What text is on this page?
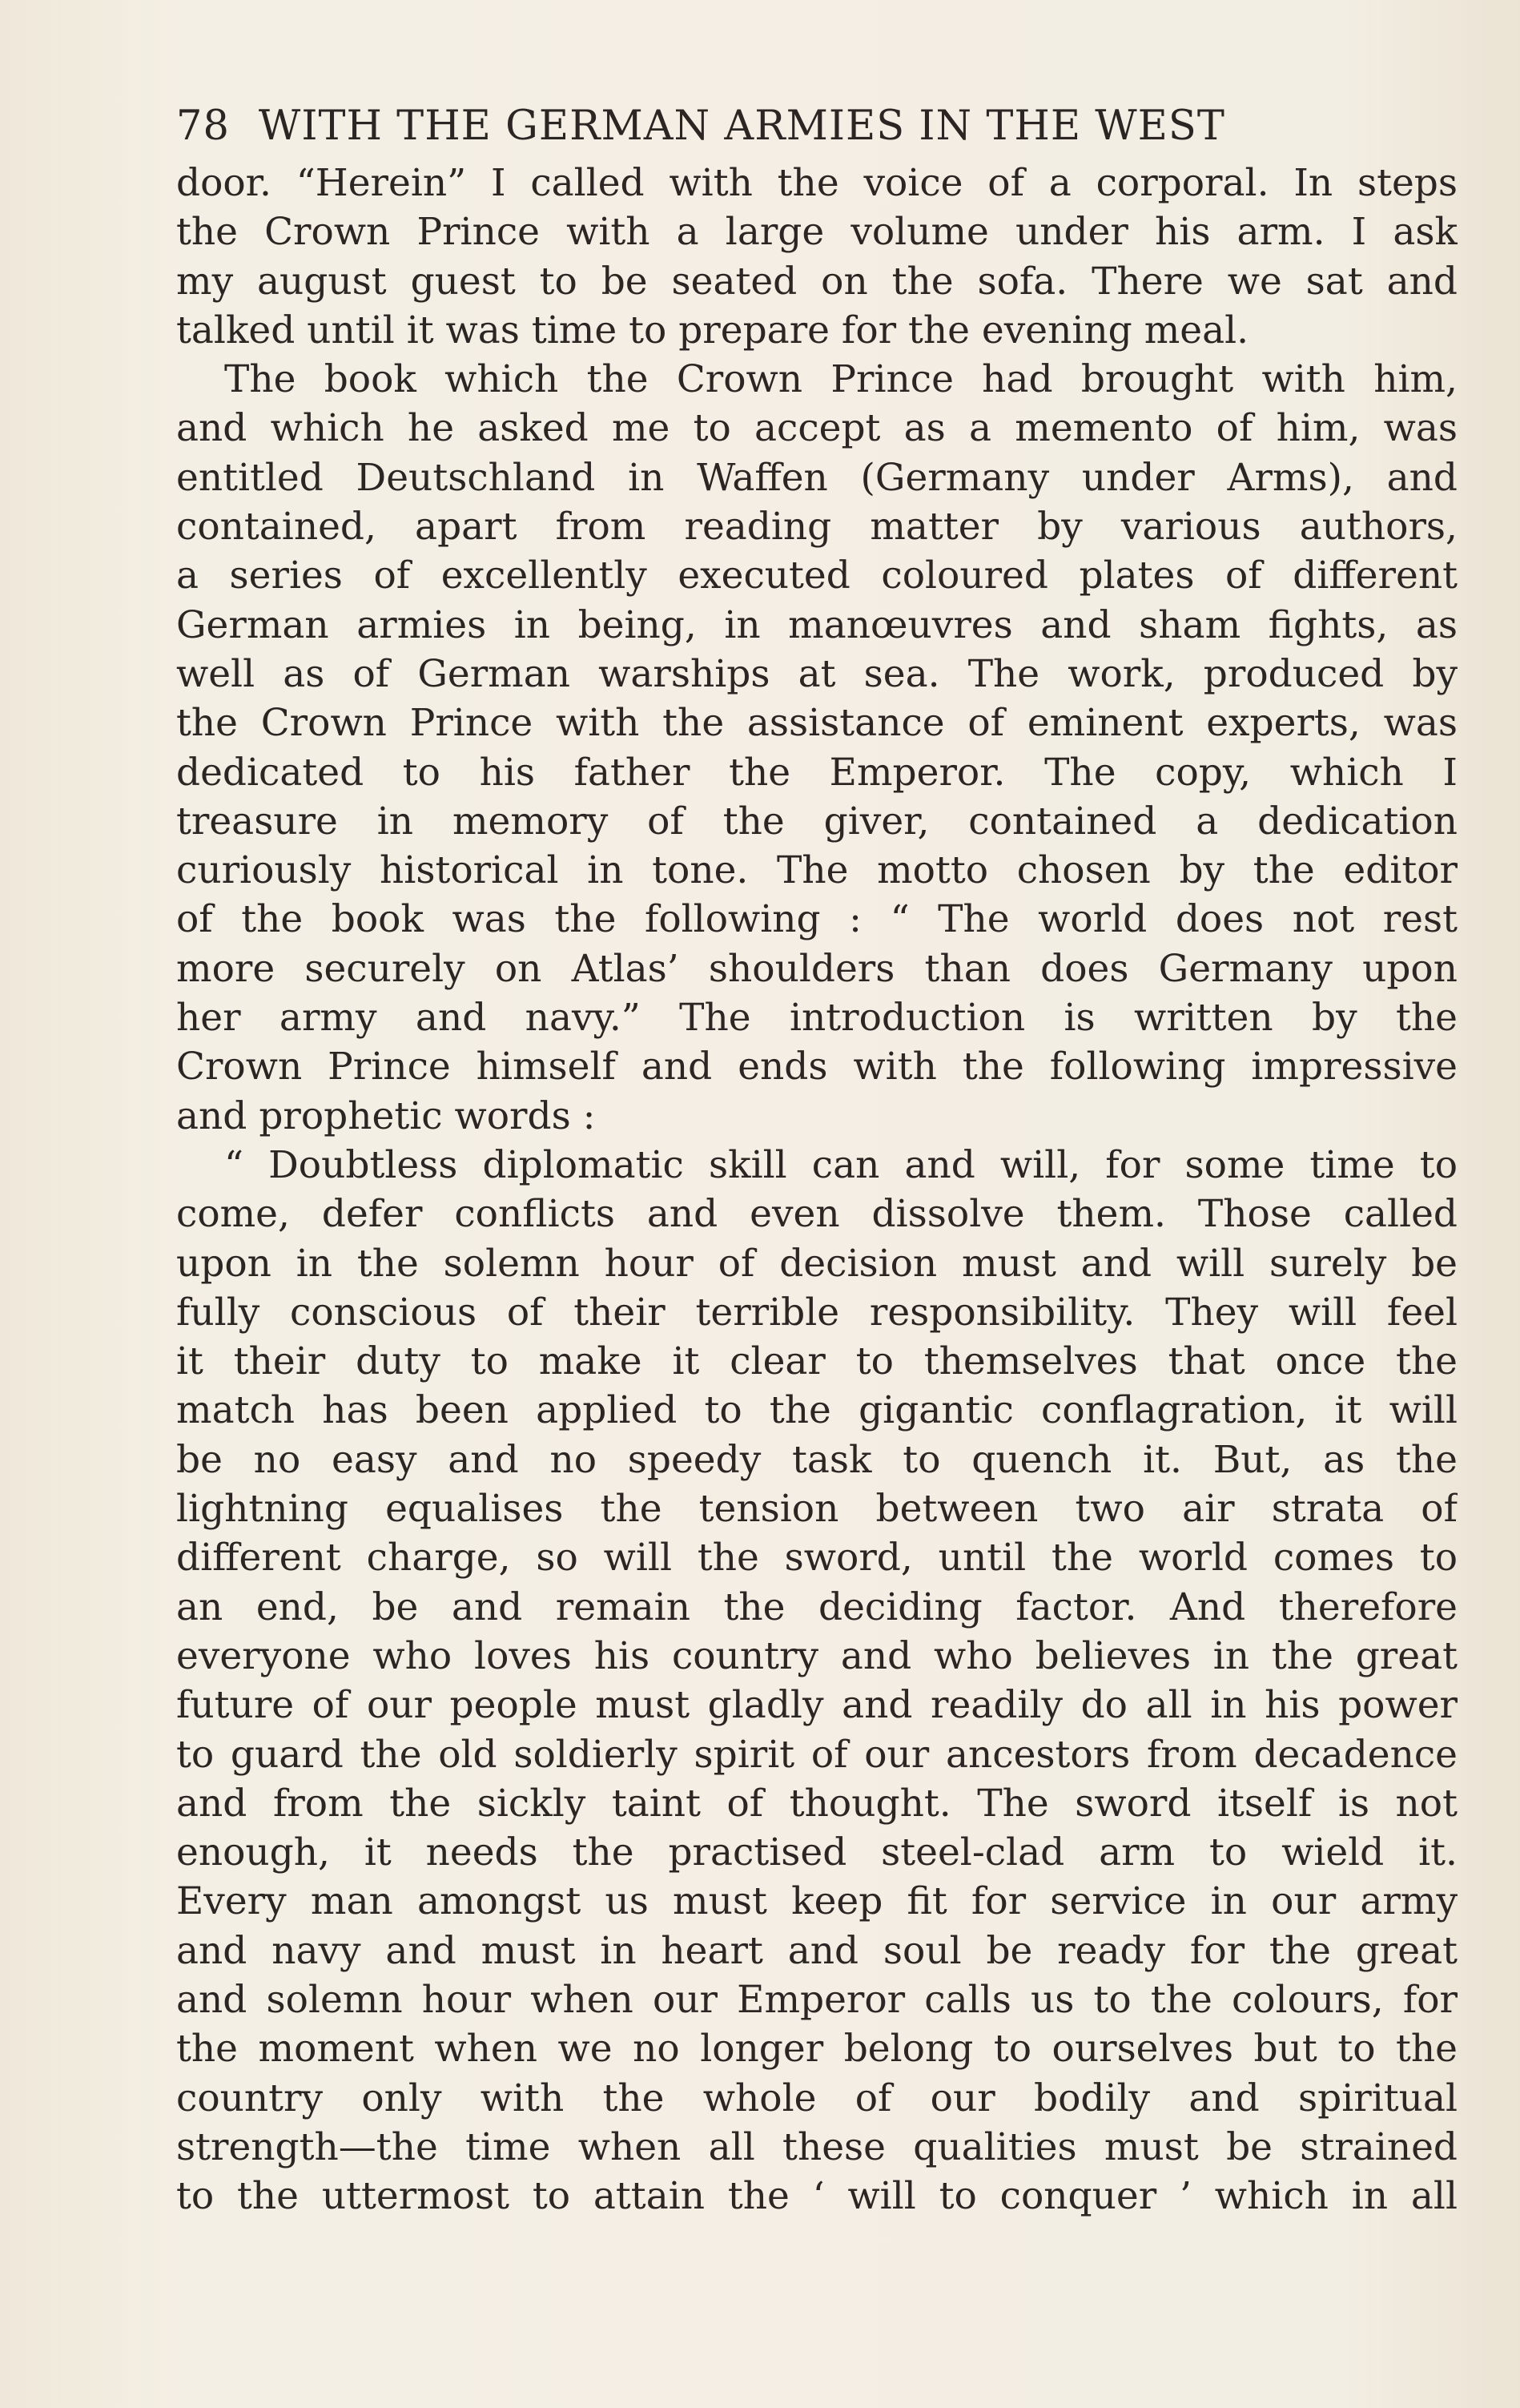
78 WITH THE GERMAN ARMIES IN THE WEST
door. “Herein” I called with the voice of a corporal. In steps
the Crown Prince with a large volume under his arm. I ask
my august guest to be seated on the sofa. There we sat and
talked until it was time to prepare for the evening meal.
The book which the Crown Prince had brought with him,
and which he asked me to accept as a memento of him, was
entitled Deutschland in Waffen (Germany under Arms), and
contained, apart from reading matter by various authors,
a series of excellently executed coloured plates of different
German armies in being, in manœuvres and sham fights, as
well as of German warships at sea. The work, produced by
the Crown Prince with the assistance of eminent experts, was
dedicated to his father the Emperor. The copy, which I
treasure in memory of the giver, contained a dedication
curiously historical in tone. The motto chosen by the editor
of the book was the following : “ The world does not rest
more securely on Atlas’ shoulders than does Germany upon
her army and navy.” The introduction is written by the
Crown Prince himself and ends with the following impressive
and prophetic words :
“ Doubtless diplomatic skill can and will, for some time to
come, defer conflicts and even dissolve them. Those called
upon in the solemn hour of decision must and will surely be
fully conscious of their terrible responsibility. They will feel
it their duty to make it clear to themselves that once the
match has been applied to the gigantic conflagration, it will
be no easy and no speedy task to quench it. But, as the
lightning equalises the tension between two air strata of
different charge, so will the sword, until the world comes to
an end, be and remain the deciding factor. And therefore
everyone who loves his country and who believes in the great
future of our people must gladly and readily do all in his power
to guard the old soldierly spirit of our ancestors from decadence
and from the sickly taint of thought. The sword itself is not
enough, it needs the practised steel-clad arm to wield it.
Every man amongst us must keep fit for service in our army
and navy and must in heart and soul be ready for the great
and solemn hour when our Emperor calls us to the colours, for
the moment when we no longer belong to ourselves but to the
country only with the whole of our bodily and spiritual
strength—the time when all these qualities must be strained
to the uttermost to attain the ‘ will to conquer ’ which in all
